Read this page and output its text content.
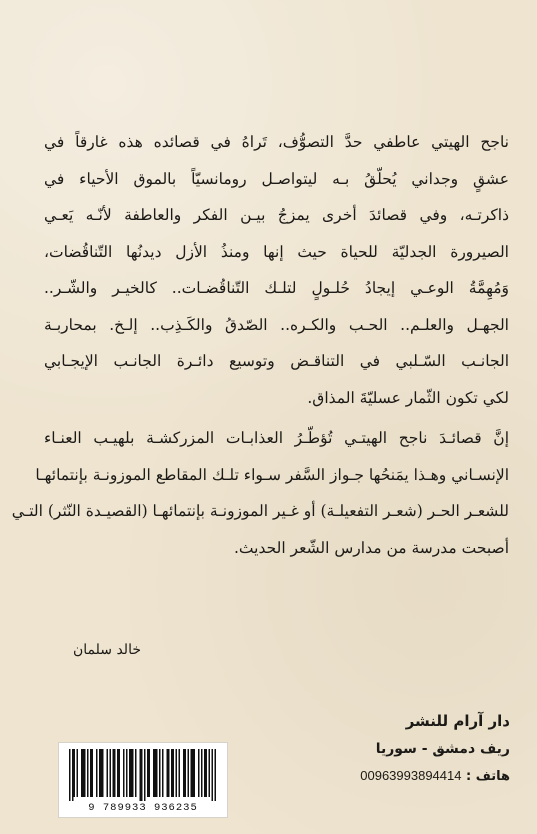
ناجح الهيتي عاطفي حدَّ التصوُّف، تَراهُ في قصائده هذه غارقاً في
عشقٍ وجداني يُحلّقُ بـه ليتواصـل رومانسيّاً بالموق الأحياء في
ذاكرتـه، وفي قصائدَ أخرى يمزجُ بيـن الفكر والعاطفة لأنّـه يَعـي
الصيرورة الجدليّة للحياة حيث إنها ومنذُ الأزل ديدنُها التّناقُضات،
وَمُهِمَّةُ الوعـي إيجادُ حُلـولٍ لتلـك التّناقُضـات.. كالخيـر والشّـر..
الجهـل والعلـم.. الحـب والكـره.. الصّدقُ والكَـذِب.. إلـخ. بمحاربـة
الجانـب السّـلبي في التناقـض وتوسيع دائـرة الجانـب الإيجـابي
لكي تكون الثّمار عسليّةَ المذاق.
إنَّ قصائـدَ ناجح الهيتـي تُؤطّـرُ العذابـات المزركشـة بلهيـب العنـاء
الإنسـاني وهـذا يمَنحُها جـواز السَّفر سـواء تلـك المقاطع الموزونـة بإنتمائهـا
للشعـر الحـر (شعـر التفعيلـة) أو غـير الموزونـة بإنتمائهـا (القصيـدة النّثر) التـي
أصبحت مدرسة من مدارس الشّعر الحديث.
خالد سلمان
دار آرام للنشر
ريف دمشق - سوريا
هاتف : 00963993894414
9 789933 936235
